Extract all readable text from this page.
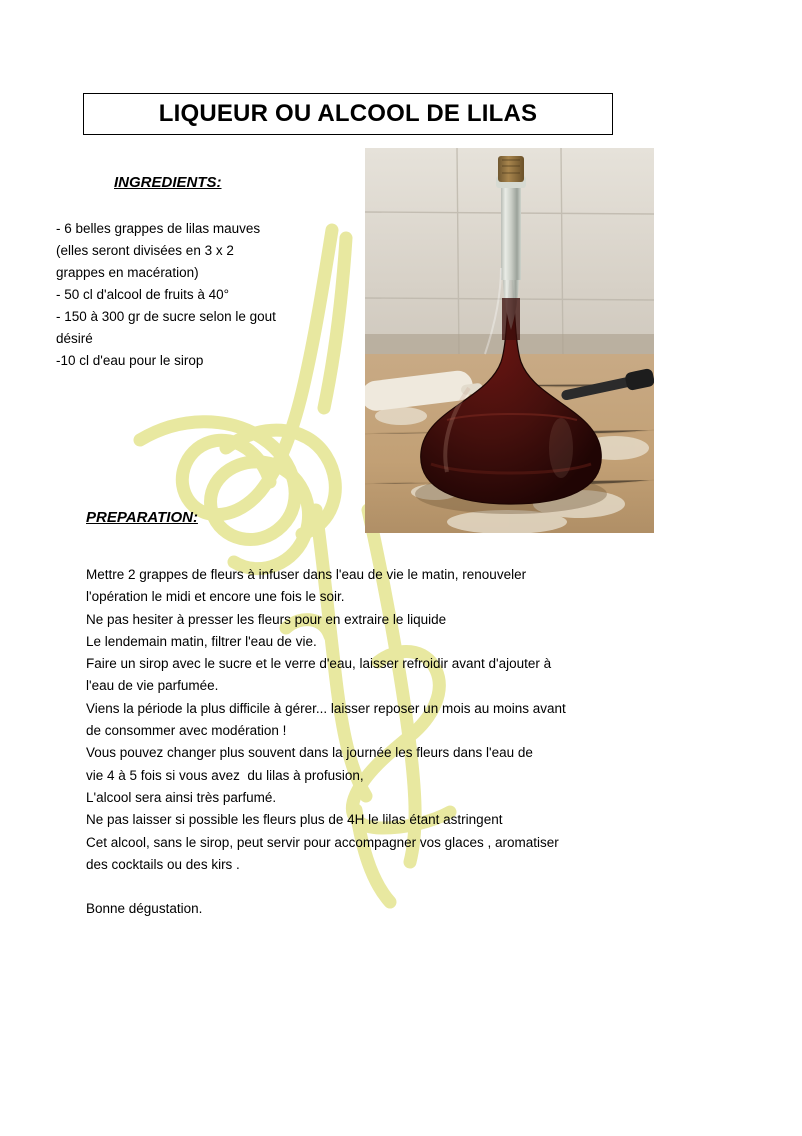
LIQUEUR OU ALCOOL DE LILAS
INGREDIENTS:
- 6 belles grappes de lilas mauves
(elles seront divisées en 3 x 2
grappes en macération)
- 50 cl d'alcool de fruits à 40°
- 150 à 300 gr de sucre selon le gout
désiré
-10 cl d'eau pour le sirop
PREPARATION:
Mettre 2 grappes de fleurs à infuser dans l'eau de vie le matin, renouveler
l'opération le midi et encore une fois le soir.
Ne pas hesiter à presser les fleurs pour en extraire le liquide
Le lendemain matin, filtrer l'eau de vie.
Faire un sirop avec le sucre et le verre d'eau, laisser refroidir avant d'ajouter à
l'eau de vie parfumée.
Viens la période la plus difficile à gérer... laisser reposer un mois au moins avant
de consommer avec modération !
Vous pouvez changer plus souvent dans la journée les fleurs dans l'eau de
vie 4 à 5 fois si vous avez  du lilas à profusion,
L'alcool sera ainsi très parfumé.
Ne pas laisser si possible les fleurs plus de 4H le lilas étant astringent
Cet alcool, sans le sirop, peut servir pour accompagner vos glaces , aromatiser
des cocktails ou des kirs .
Bonne dégustation.
